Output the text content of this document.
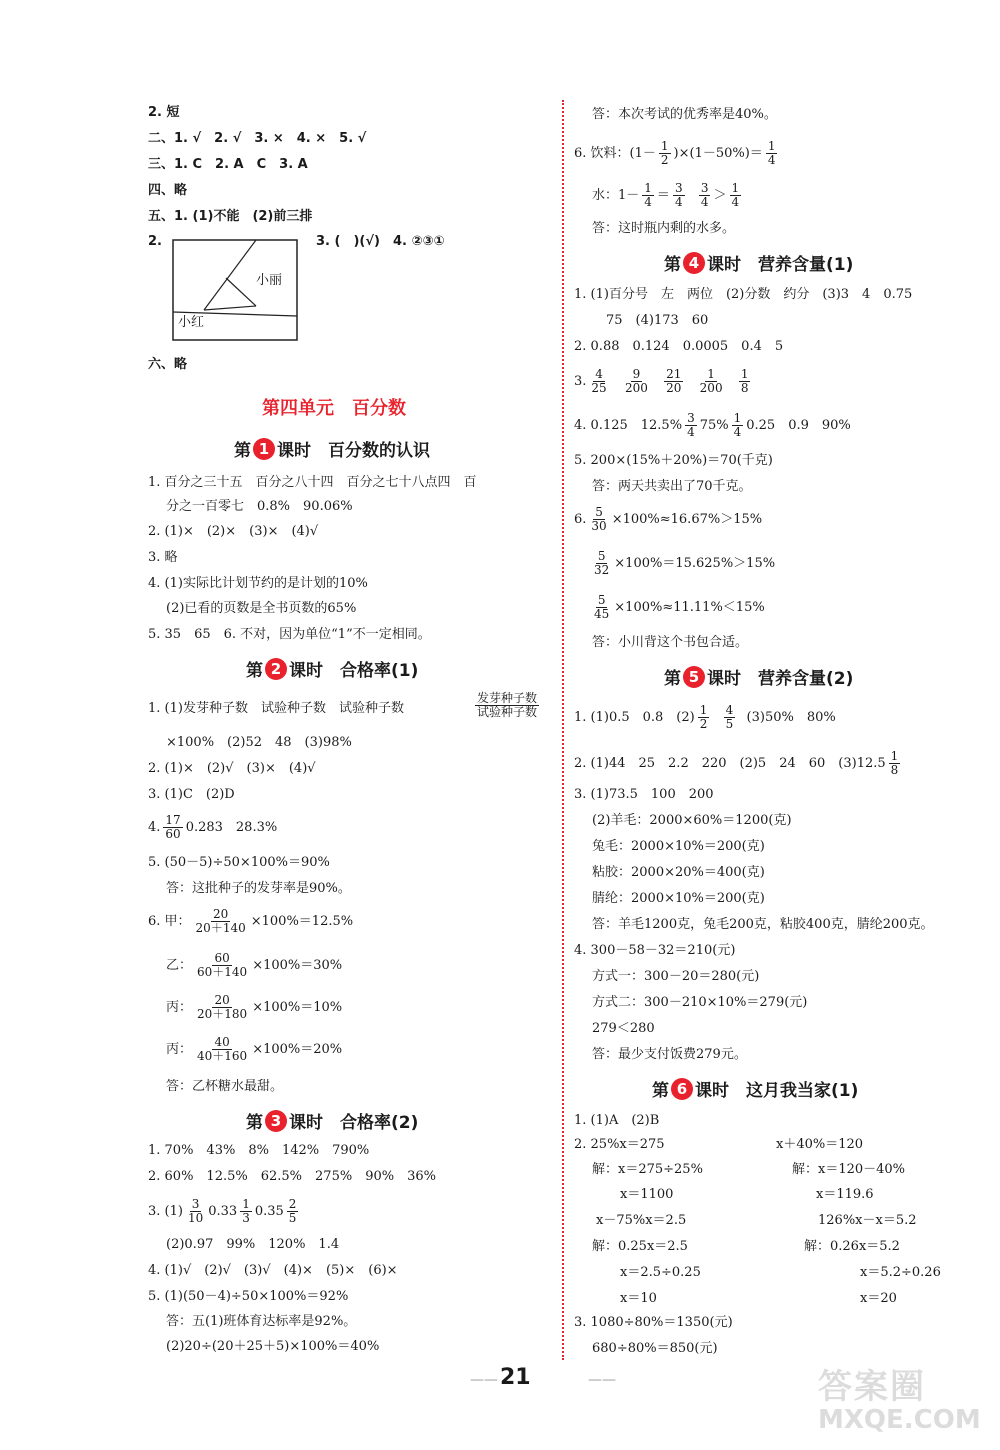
2. 短
二、1. √　2. √　3. ×　4. ×　5. √
三、1. C　2. A　C　3. A
四、略
五、1. (1)不能　(2)前三排
2.
小丽
小红
3. (　)(√)　4. ②③①
六、略
第四单元　百分数
第 1 课时　百分数的认识
1. 百分之三十五　百分之八十四　百分之七十八点四　百
分之一百零七　0.8%　90.06%
2. (1)×　(2)×　(3)×　(4)√
3. 略
4. (1)实际比计划节约的是计划的10%
(2)已看的页数是全书页数的65%
5. 35　65　6. 不对，因为单位“1”不一定相同。
第 2 课时　合格率(1)
1. (1)发芽种子数　试验种子数　试验种子数	$\frac{\text{发芽种子数}}{\text{试验种子数}}$
×100%　(2)52　48　(3)98%
2. (1)×　(2)√　(3)×　(4)√
3. (1)C　(2)D
4. $\frac{17}{60} 0.283$　28.3%
5. (50－5)÷50×100%＝90%
答：这批种子的发芽率是90%。
6. 甲： $\frac{20}{20+140} \times 100\%=12.5\%$
乙： $\frac{60}{60+140} \times 100\%=30\%$
丙： $\frac{20}{20+180} \times 100\%=10\%$
丙： $\frac{40}{40+160} \times 100\%=20\%$
答：乙杯糖水最甜。
第 3 课时　合格率(2)
1. 70%　43%　8%　142%　790%
2. 60%　12.5%　62.5%　275%　90%　36%
3. $(1) \frac{3}{10} 0.33 \frac{1}{3} 0.35 \frac{2}{5}$
(2)0.97　99%　120%　1.4
4. (1)√　(2)√　(3)√　(4)×　(5)×　(6)×
5. (1)(50－4)÷50×100%＝92%
答：五(1)班体育达标率是92%。
(2)20÷(20＋25＋5)×100%＝40%
答：本次考试的优秀率是40%。
6. 饮料：$(1- \frac{1}{2} )\times(1-50\%)= \frac{1}{4}$
水：$1- \frac{1}{4} = \frac{3}{4}$
$\frac{3}{4} > \frac{1}{4}$
答：这时瓶内剩的水多。
第 4 课时　营养含量(1)
1. (1)百分号　左　两位　(2)分数　约分　(3)3　4　0.75
75　(4)173　60
2. 0.88　0.124　0.0005　0.4　5
3. $\frac{4}{25}$
$\frac{9}{200}$
$\frac{21}{20}$
$\frac{1}{200}$
$\frac{1}{8}$
4. 0.125　$12.5\% \frac{3}{4} 75\% \frac{1}{4} 0.25$　0.9　90%
5. 200×(15%＋20%)＝70(千克)
答：两天共卖出了70千克。
6. $\frac{5}{30} \times 100\%\approx 16.67\%>15\%$
$\frac{5}{32} \times 100\%=15.625\%>15\%$
$\frac{5}{45} \times 100\%\approx 11.11\%<15\%$
答：小川背这个书包合适。
第 5 课时　营养含量(2)
1. (1)0.5　0.8　$(2) \frac{1}{2}$
$\frac{4}{5} (3)50\%$　80%
2. (1)44　25　2.2　220　(2)5　24　60　$(3)12.5 \frac{1}{8}$
3. (1)73.5　100　200
(2)羊毛：2000×60%＝1200(克)
兔毛：2000×10%＝200(克)
粘胶：2000×20%＝400(克)
腈纶：2000×10%＝200(克)
答：羊毛1200克，兔毛200克，粘胶400克，腈纶200克。
4. 300－58－32＝210(元)
方式一：300－20＝280(元)
方式二：300－210×10%＝279(元)
279＜280
答：最少支付饭费279元。
第 6 课时　这月我当家(1)
1. (1)A　(2)B
2. 25%x＝275	x＋40%＝120
解：x＝275÷25%	解：x＝120－40%
x＝1100	x＝119.6
x－75%x＝2.5	126%x－x＝5.2
解：0.25x＝2.5	解：0.26x＝5.2
x＝2.5÷0.25	x＝5.2÷0.26
x＝10	x＝20
3. 1080÷80%＝1350(元)
680÷80%＝850(元)
—— 21	——	答案圈
MXQE.COM
